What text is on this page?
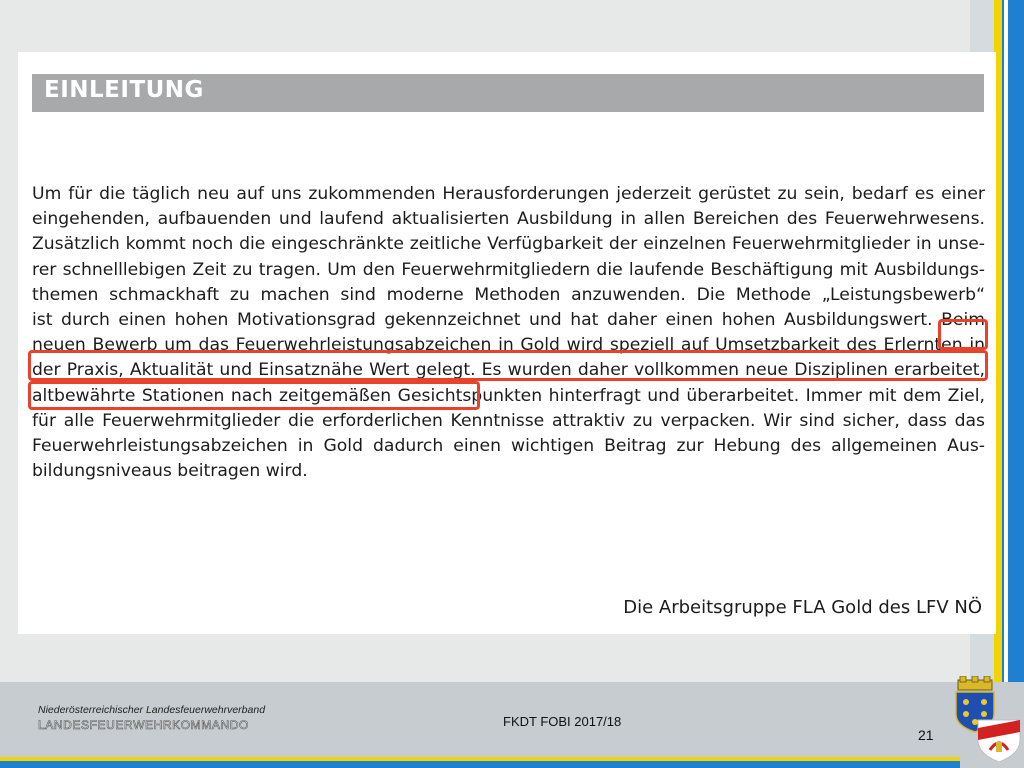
EINLEITUNG
Um für die täglich neu auf uns zukommenden Herausforderungen jederzeit gerüstet zu sein, bedarf es einer
eingehenden, aufbauenden und laufend aktualisierten Ausbildung in allen Bereichen des Feuerwehrwesens.
Zusätzlich kommt noch die eingeschränkte zeitliche Verfügbarkeit der einzelnen Feuerwehrmitglieder in unse-
rer schnelllebigen Zeit zu tragen. Um den Feuerwehrmitgliedern die laufende Beschäftigung mit Ausbildungs-
themen schmackhaft zu machen sind moderne Methoden anzuwenden. Die Methode „Leistungsbewerb“
ist durch einen hohen Motivationsgrad gekennzeichnet und hat daher einen hohen Ausbildungswert. Beim
neuen Bewerb um das Feuerwehrleistungsabzeichen in Gold wird speziell auf Umsetzbarkeit des Erlernten in
der Praxis, Aktualität und Einsatznähe Wert gelegt. Es wurden daher vollkommen neue Disziplinen erarbeitet,
altbewährte Stationen nach zeitgemäßen Gesichtspunkten hinterfragt und überarbeitet. Immer mit dem Ziel,
für alle Feuerwehrmitglieder die erforderlichen Kenntnisse attraktiv zu verpacken. Wir sind sicher, dass das
Feuerwehrleistungsabzeichen in Gold dadurch einen wichtigen Beitrag zur Hebung des allgemeinen Aus-
bildungsniveaus beitragen wird.
Die Arbeitsgruppe FLA Gold des LFV NÖ
Niederösterreichischer Landesfeuerwehrverband
LANDESFEUERWEHRKOMMANDO	FKDT FOBI 2017/18
21
